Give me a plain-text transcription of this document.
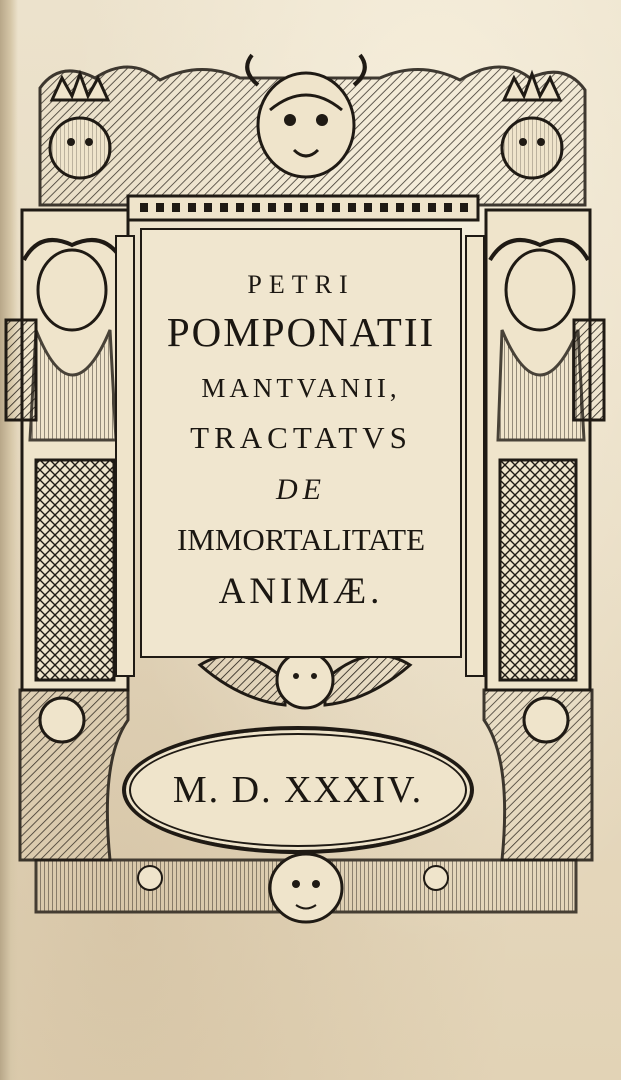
PETRI
POMPONATII
MANTVANII,
TRACTATVS
DE
IMMORTALITATE
ANIMÆ.
M. D. XXXIV.
